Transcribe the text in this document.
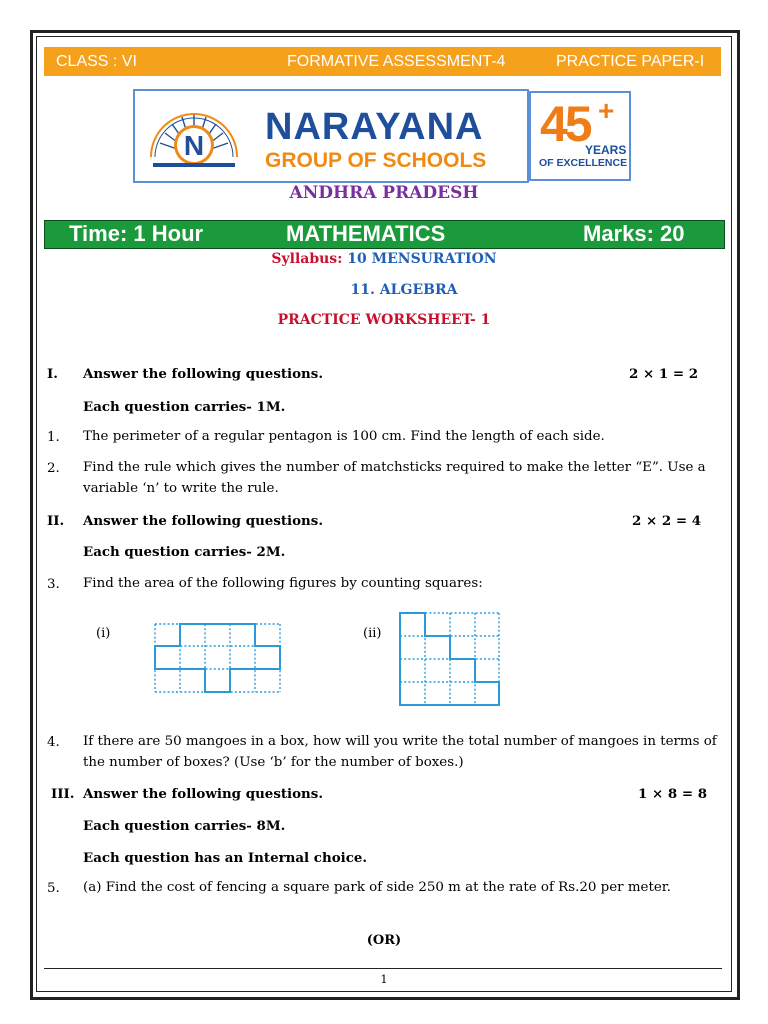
CLASS : VI	FORMATIVE ASSESSMENT-4	PRACTICE PAPER-I
N NARAYANA
GROUP OF SCHOOLS
45 +
YEARS
OF EXCELLENCE
ANDHRA PRADESH
Time: 1 Hour	MATHEMATICS	Marks: 20
Syllabus: 10 MENSURATION
11. ALGEBRA
PRACTICE WORKSHEET- 1
I. Answer the following questions.	2 × 1 = 2
Each question carries- 1M.
1. The perimeter of a regular pentagon is 100 cm. Find the length of each side.
2. Find the rule which gives the number of matchsticks required to make the letter “E”. Use a variable ‘n’ to write the rule.
II. Answer the following questions.	2 × 2 = 4
Each question carries- 2M.
3. Find the area of the following figures by counting squares:
(i)	(ii)
4. If there are 50 mangoes in a box, how will you write the total number of mangoes in terms of the number of boxes? (Use ‘b’ for the number of boxes.)
III. Answer the following questions.	1 × 8 = 8
Each question carries- 8M.
Each question has an Internal choice.
5. (a) Find the cost of fencing a square park of side 250 m at the rate of Rs.20 per meter.
(OR)
1
